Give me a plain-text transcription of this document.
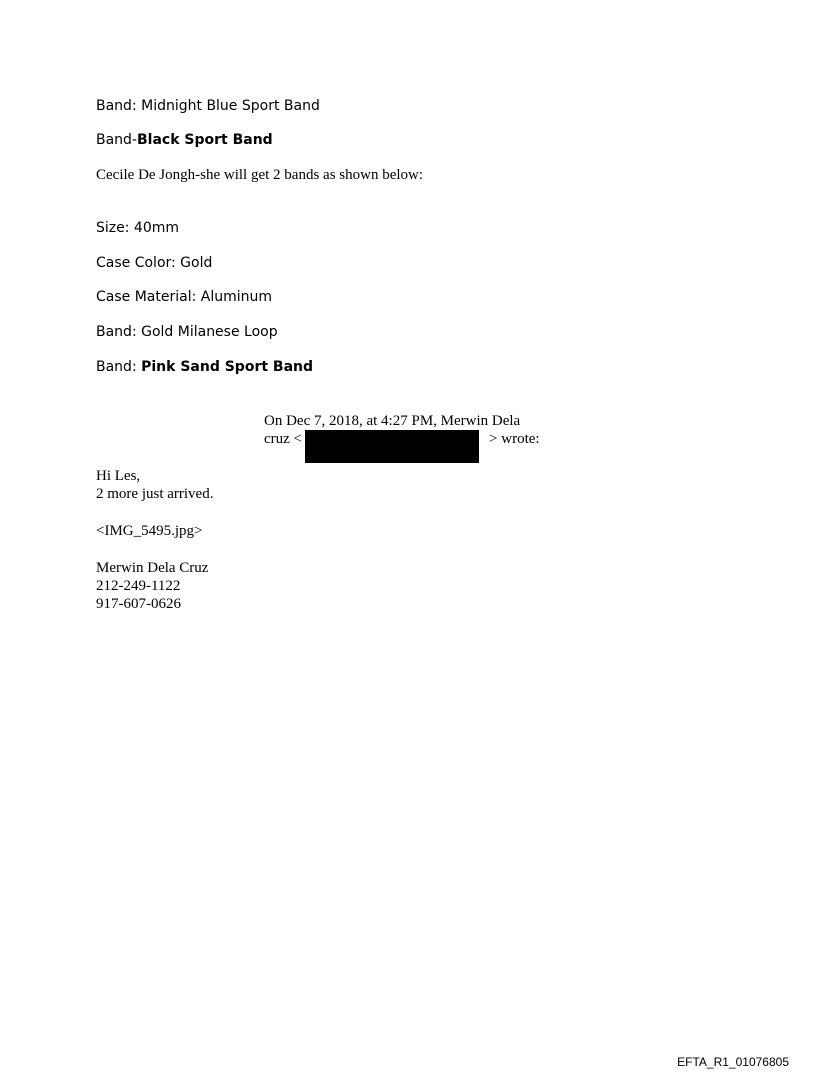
Band: Midnight Blue Sport Band
Band-Black Sport Band
Cecile De Jongh-she will get 2 bands as shown below:
Size: 40mm
Case Color: Gold
Case Material: Aluminum
Band: Gold Milanese Loop
Band: Pink Sand Sport Band
On Dec 7, 2018, at 4:27 PM, Merwin Dela
cruz <	> wrote:
Hi Les,
2 more just arrived.
<IMG_5495.jpg>
Merwin Dela Cruz
212-249-1122
917-607-0626
EFTA_R1_01076805
